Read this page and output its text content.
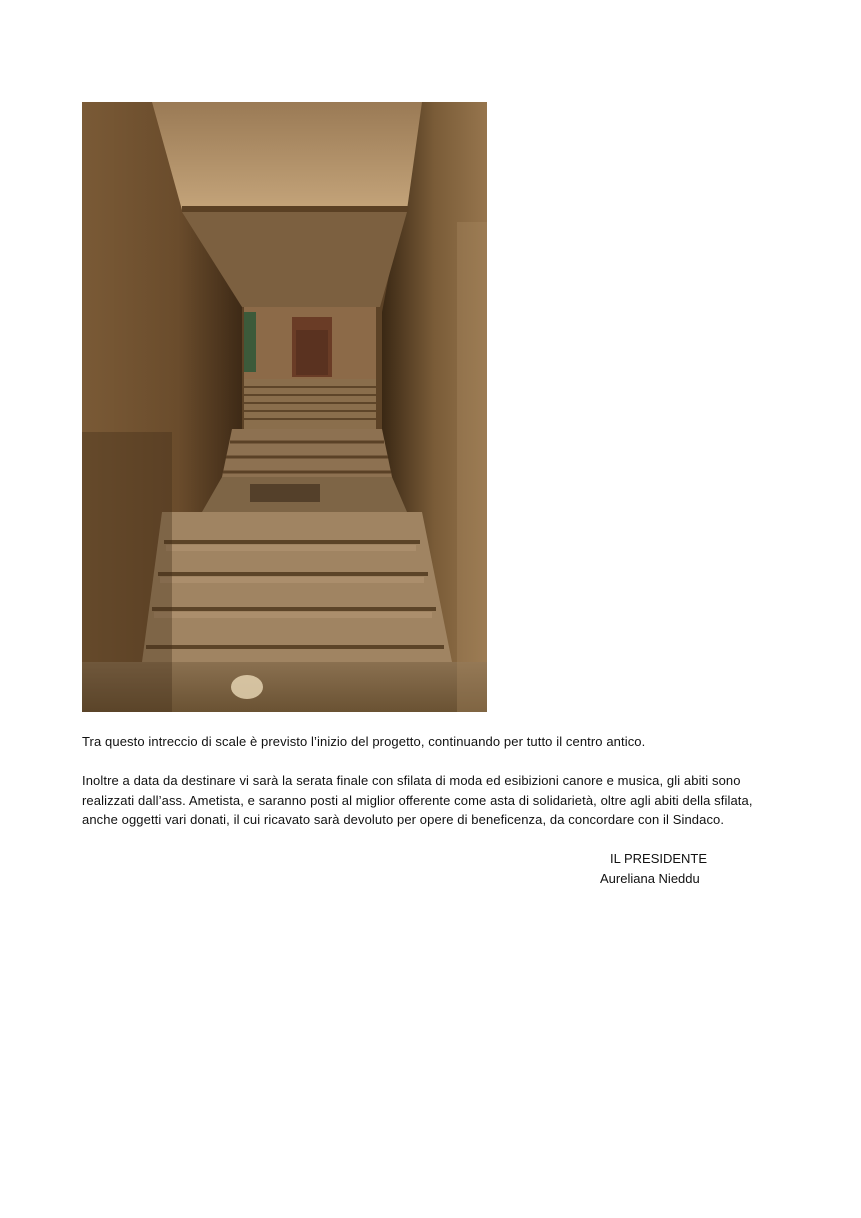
Tra questo intreccio di scale è previsto l’inizio del progetto, continuando per tutto il centro antico.
Inoltre a data da destinare vi sarà la serata finale con sfilata di moda ed esibizioni canore e musica, gli abiti sono realizzati dall’ass. Ametista, e saranno posti al miglior offerente come asta di solidarietà, oltre agli abiti della sfilata, anche oggetti vari donati, il cui ricavato sarà devoluto per opere di beneficenza, da concordare con il Sindaco.
IL PRESIDENTE
Aureliana Nieddu
